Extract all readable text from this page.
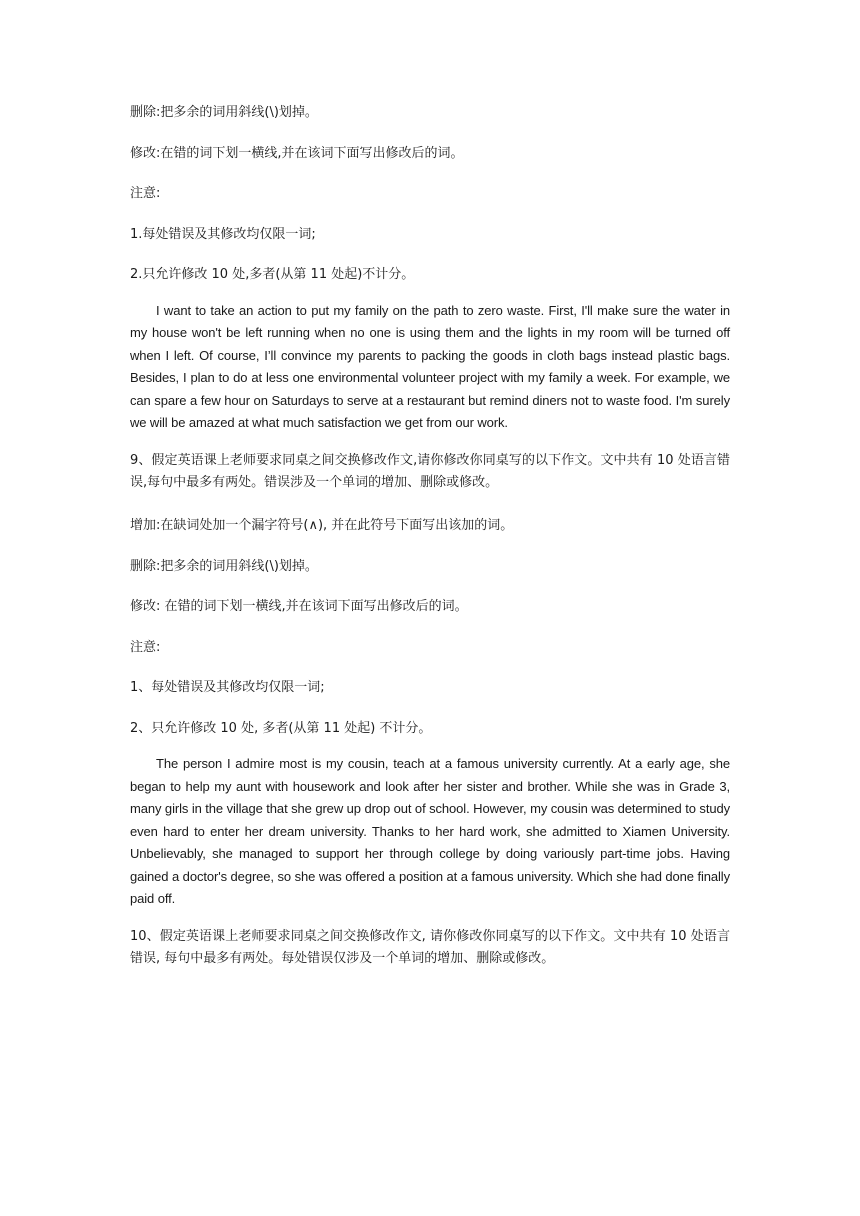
删除:把多余的词用斜线(\)划掉。
修改:在错的词下划一横线,并在该词下面写出修改后的词。
注意:
1.每处错误及其修改均仅限一词;
2.只允许修改 10 处,多者(从第 11 处起)不计分。

I want to take an action to put my family on the path to zero waste. First, I'll make sure the water in my house won't be left running when no one is using them and the lights in my room will be turned off when I left. Of course, I’ll convince my parents to packing the goods in cloth bags instead plastic bags. Besides, I plan to do at less one environmental volunteer project with my family a week. For example, we can spare a few hour on Saturdays to serve at a restaurant but remind diners not to waste food. I'm surely we will be amazed at what much satisfaction we get from our work.

9、假定英语课上老师要求同桌之间交换修改作文,请你修改你同桌写的以下作文。文中共有 10 处语言错误,每句中最多有两处。错误涉及一个单词的增加、删除或修改。

增加:在缺词处加一个漏字符号(∧), 并在此符号下面写出该加的词。
删除:把多余的词用斜线(\)划掉。
修改: 在错的词下划一横线,并在该词下面写出修改后的词。
注意:
1、每处错误及其修改均仅限一词;
2、只允许修改 10 处, 多者(从第 11 处起) 不计分。

The person I admire most is my cousin, teach at a famous university currently. At a early age, she began to help my aunt with housework and look after her sister and brother. While she was in Grade 3, many girls in the village that she grew up drop out of school. However, my cousin was determined to study even hard to enter her dream university. Thanks to her hard work, she admitted to Xiamen University. Unbelievably, she managed to support her through college by doing variously part-time jobs. Having gained a doctor's degree, so she was offered a position at a famous university. Which she had done finally paid off.

10、假定英语课上老师要求同桌之间交换修改作文, 请你修改你同桌写的以下作文。文中共有 10 处语言错误, 每句中最多有两处。每处错误仅涉及一个单词的增加、删除或修改。
